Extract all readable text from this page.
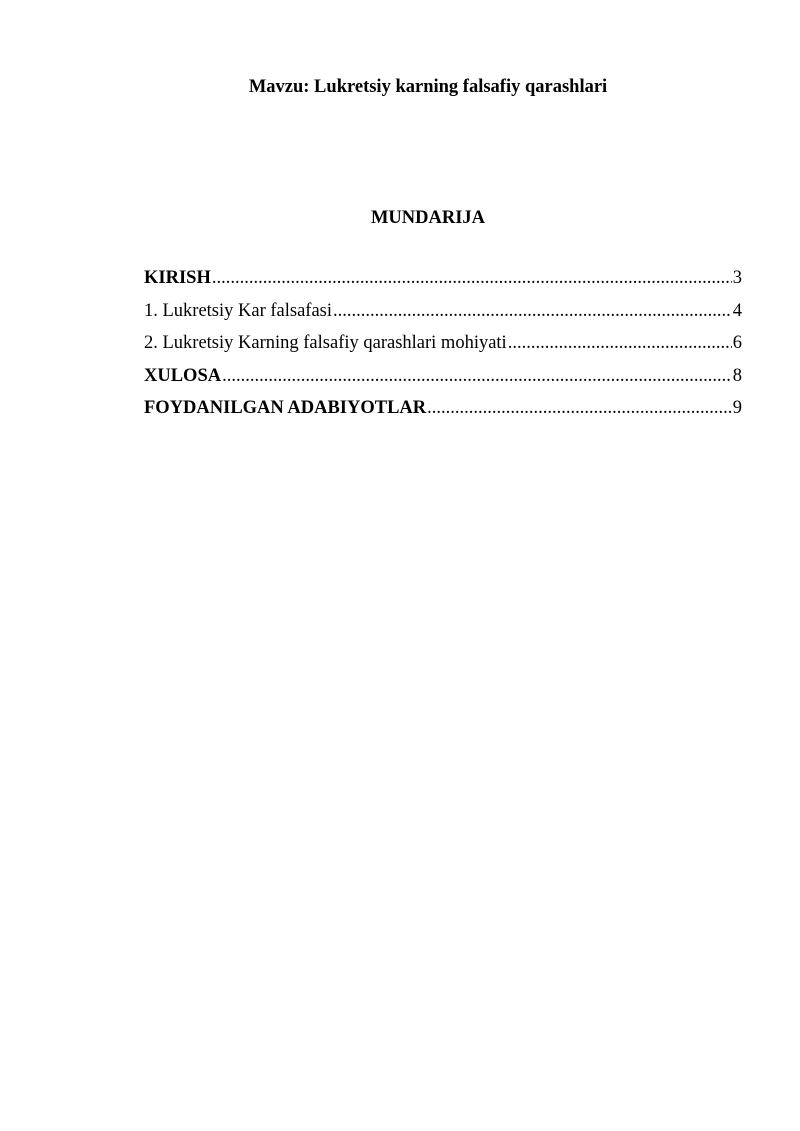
Mavzu: Lukretsiy karning falsafiy qarashlari
MUNDARIJA
KIRISH .....	3
1. Lukretsiy Kar falsafasi .....	4
2. Lukretsiy Karning falsafiy qarashlari mohiyati .....	6
XULOSA .....	8
FOYDANILGAN ADABIYOTLAR .....	9
